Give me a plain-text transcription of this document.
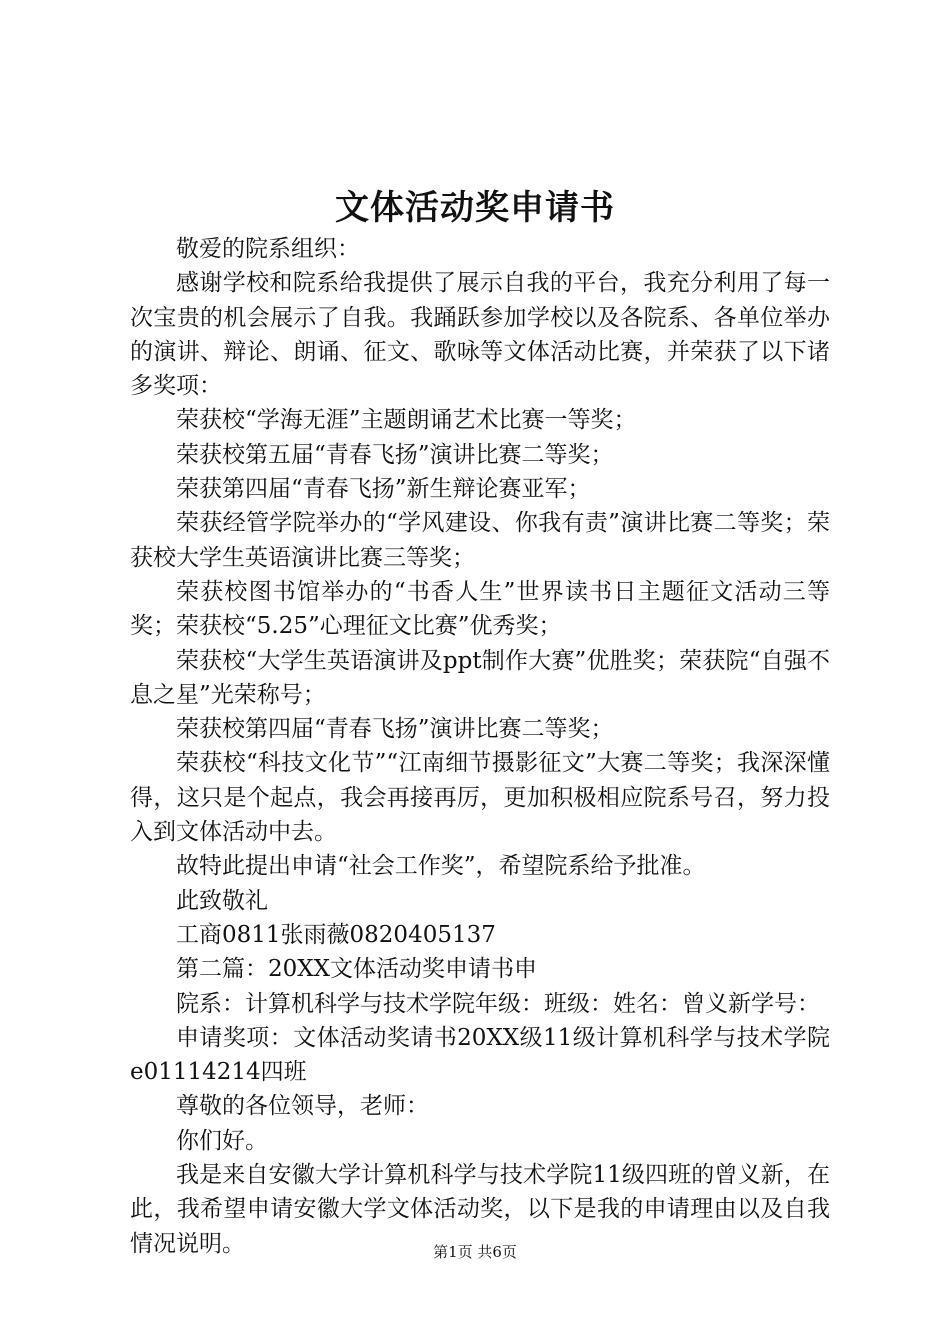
文体活动奖申请书

敬爱的院系组织：

感谢学校和院系给我提供了展示自我的平台，我充分利用了每一次宝贵的机会展示了自我。我踊跃参加学校以及各院系、各单位举办的演讲、辩论、朗诵、征文、歌咏等文体活动比赛，并荣获了以下诸多奖项：

荣获校“学海无涯”主题朗诵艺术比赛一等奖；

荣获校第五届“青春飞扬”演讲比赛二等奖；

荣获第四届“青春飞扬”新生辩论赛亚军；

荣获经管学院举办的“学风建设、你我有责”演讲比赛二等奖；荣获校大学生英语演讲比赛三等奖；

荣获校图书馆举办的“书香人生”世界读书日主题征文活动三等奖；荣获校“5.25”心理征文比赛”优秀奖；

荣获校“大学生英语演讲及ppt制作大赛”优胜奖；荣获院“自强不息之星”光荣称号；

荣获校第四届“青春飞扬”演讲比赛二等奖；

荣获校“科技文化节”“江南细节摄影征文”大赛二等奖；我深深懂得，这只是个起点，我会再接再厉，更加积极相应院系号召，努力投入到文体活动中去。

故特此提出申请“社会工作奖”，希望院系给予批准。

此致敬礼

工商0811张雨薇0820405137

第二篇：20XX文体活动奖申请书申

院系：计算机科学与技术学院年级：班级：姓名：曾义新学号：

申请奖项：文体活动奖请书20XX级11级计算机科学与技术学院e01114214四班

尊敬的各位领导，老师：

你们好。

我是来自安徽大学计算机科学与技术学院11级四班的曾义新，在此，我希望申请安徽大学文体活动奖，以下是我的申请理由以及自我情况说明。	第1页 共6页
